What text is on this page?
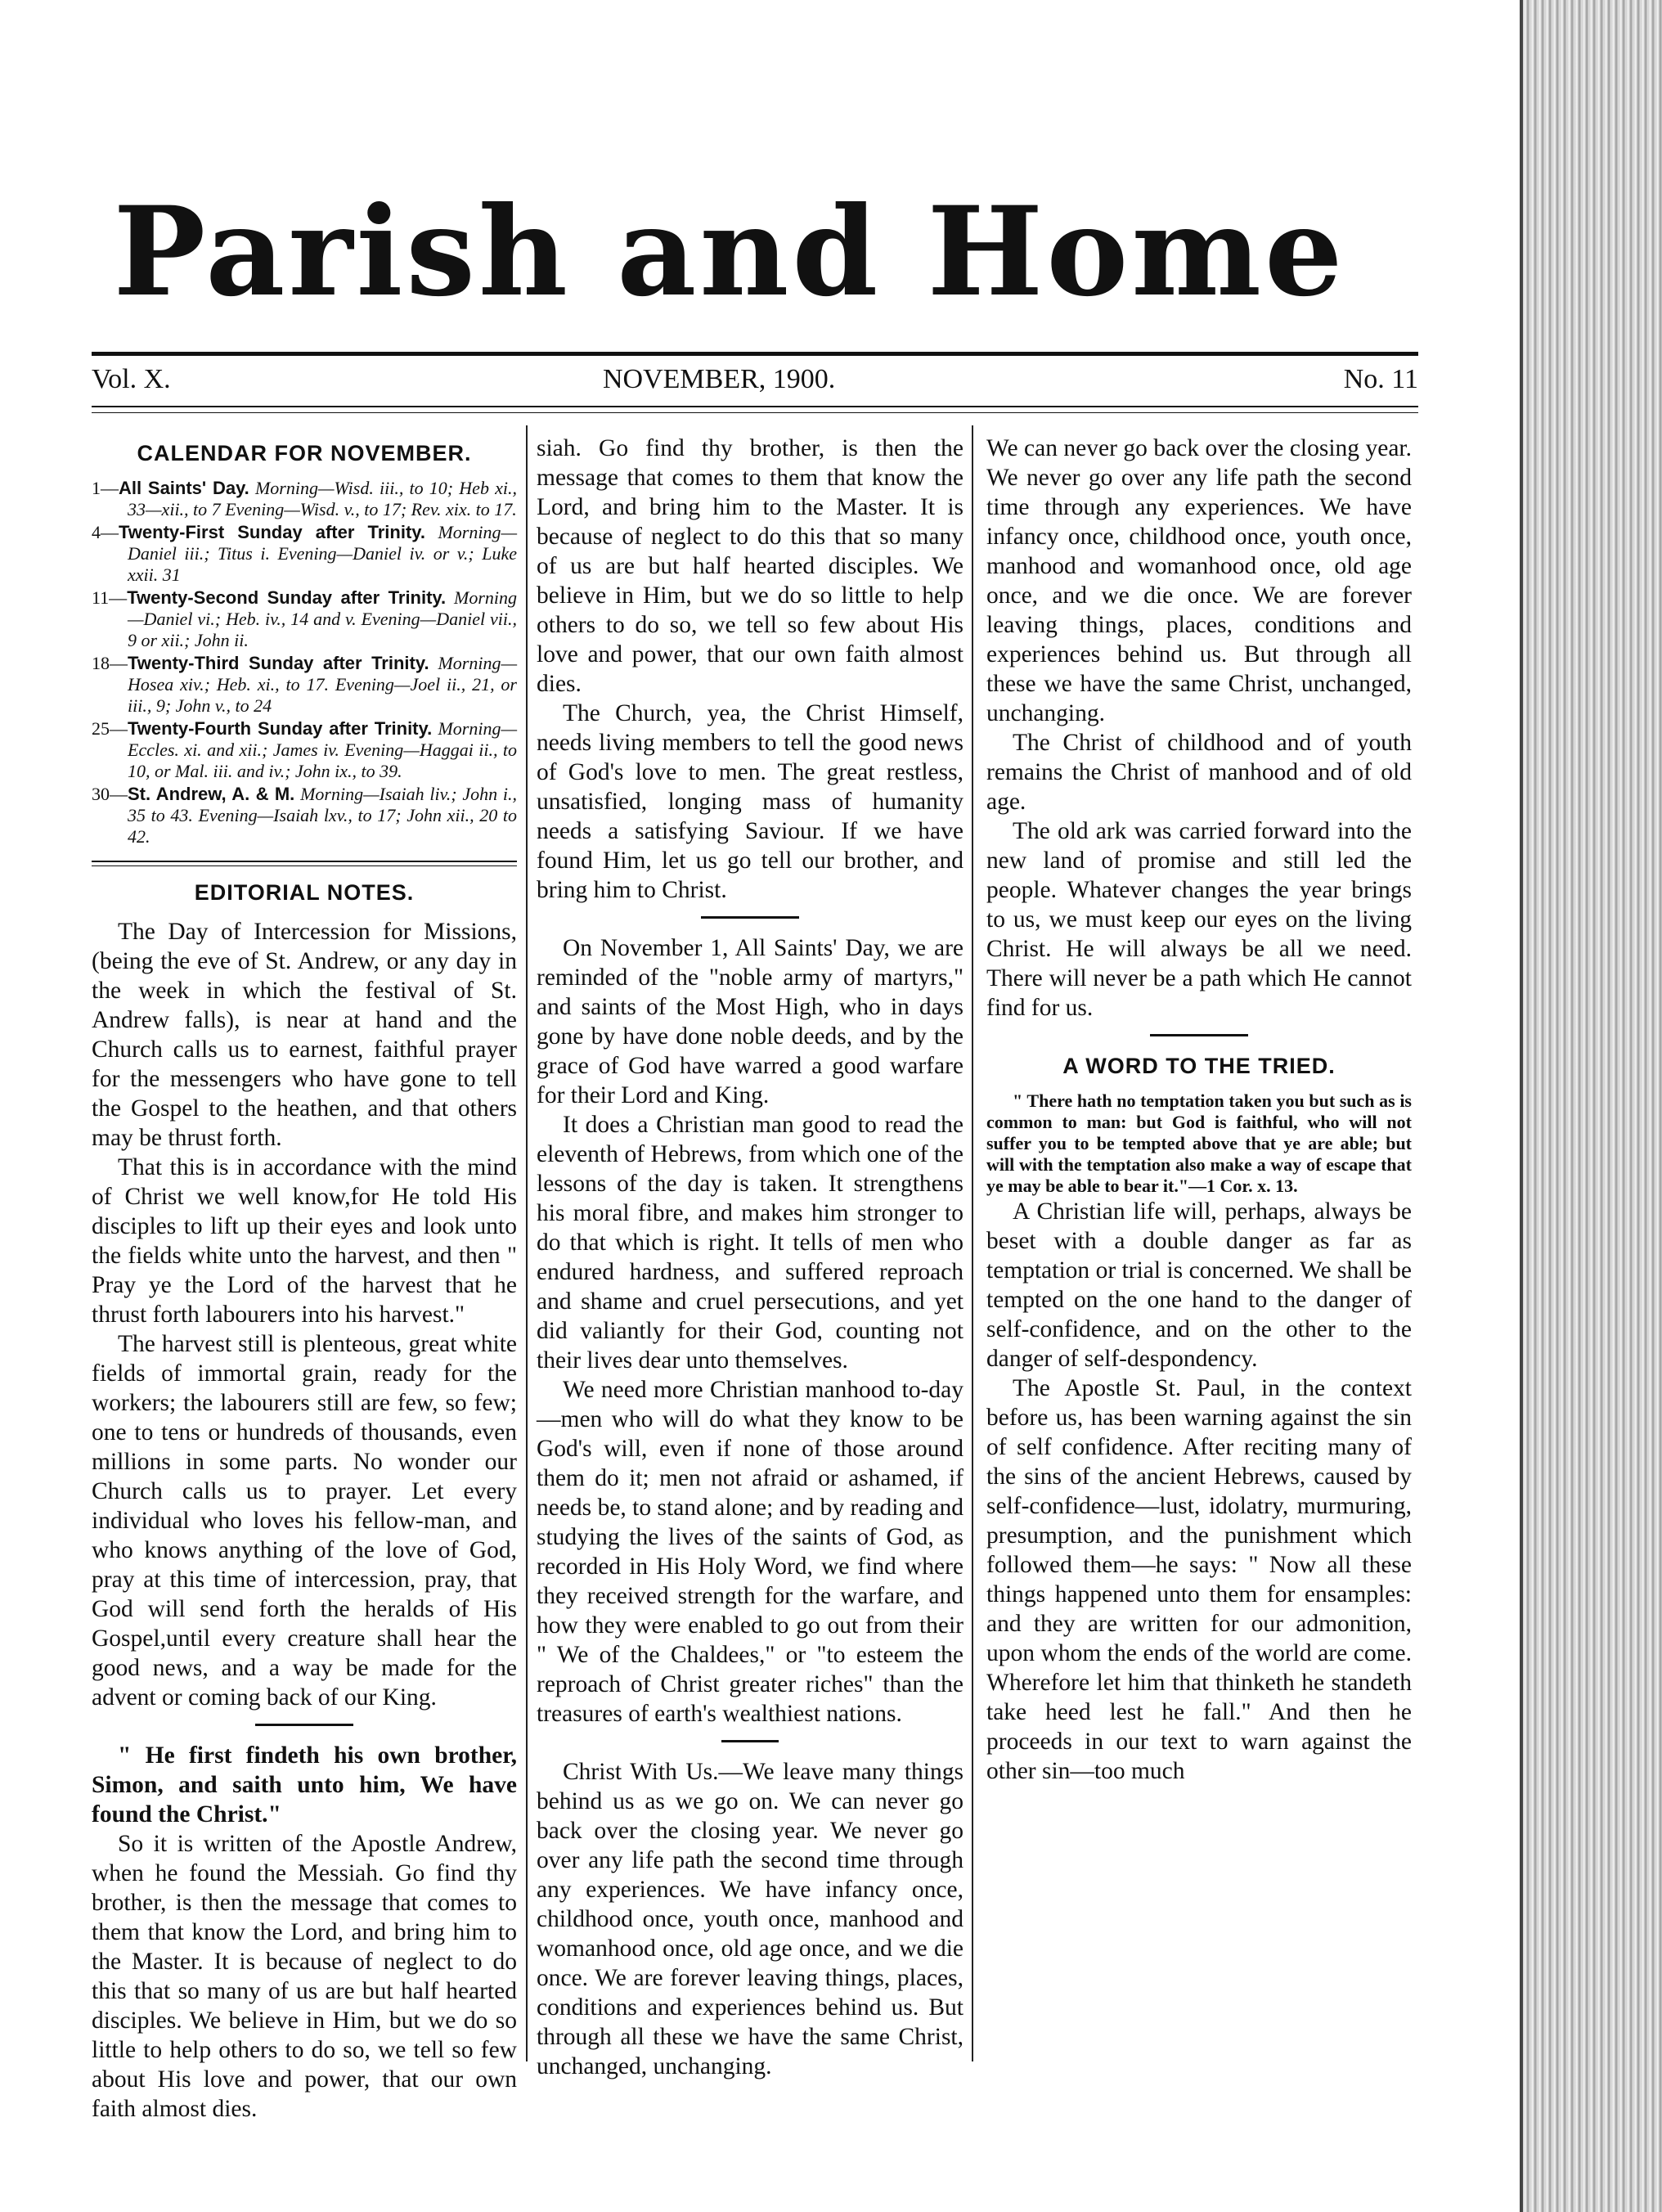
Parish and Home
Vol. X.	NOVEMBER, 1900.	No. 11
CALENDAR FOR NOVEMBER.
1—All Saints' Day. Morning—Wisd. iii., to 10; Heb xi., 33—xii., to 7 Evening—Wisd. v., to 17; Rev. xix. to 17.
4—Twenty-First Sunday after Trinity. Morning—Daniel iii.; Titus i. Evening—Daniel iv. or v.; Luke xxii. 31
11—Twenty-Second Sunday after Trinity. Morning—Daniel vi.; Heb. iv., 14 and v. Evening—Daniel vii., 9 or xii.; John ii.
18—Twenty-Third Sunday after Trinity. Morning—Hosea xiv.; Heb. xi., to 17. Evening—Joel ii., 21, or iii., 9; John v., to 24
25—Twenty-Fourth Sunday after Trinity. Morning—Eccles. xi. and xii.; James iv. Evening—Haggai ii., to 10, or Mal. iii. and iv.; John ix., to 39.
30—St. Andrew, A. & M. Morning—Isaiah liv.; John i., 35 to 43. Evening—Isaiah lxv., to 17; John xii., 20 to 42.
EDITORIAL NOTES.

The Day of Intercession for Missions, (being the eve of St. Andrew, or any day in the week in which the festival of St. Andrew falls), is near at hand and the Church calls us to earnest, faithful prayer for the messengers who have gone to tell the Gospel to the heathen, and that others may be thrust forth.

That this is in accordance with the mind of Christ we well know,for He told His disciples to lift up their eyes and look unto the fields white unto the harvest, and then " Pray ye the Lord of the harvest that he thrust forth labourers into his harvest."

The harvest still is plenteous, great white fields of immortal grain, ready for the workers; the labourers still are few, so few; one to tens or hundreds of thousands, even millions in some parts. No wonder our Church calls us to prayer. Let every individual who loves his fellow-man, and who knows anything of the love of God, pray at this time of intercession, pray, that God will send forth the heralds of His Gospel,until every creature shall hear the good news, and a way be made for the advent or coming back of our King.

" He first findeth his own brother, Simon, and saith unto him, We have found the Christ."

So it is written of the Apostle Andrew, when he found the Messiah. Go find thy brother, is then the message that comes to them that know the Lord, and bring him to the Master. It is because of neglect to do this that so many of us are but half hearted disciples. We believe in Him, but we do so little to help others to do so, we tell so few about His love and power, that our own faith almost dies.

siah. Go find thy brother, is then the message that comes to them that know the Lord, and bring him to the Master. It is because of neglect to do this that so many of us are but half hearted disciples. We believe in Him, but we do so little to help others to do so, we tell so few about His love and power, that our own faith almost dies.

The Church, yea, the Christ Himself, needs living members to tell the good news of God's love to men. The great restless, unsatisfied, longing mass of humanity needs a satisfying Saviour. If we have found Him, let us go tell our brother, and bring him to Christ.

On November 1, All Saints' Day, we are reminded of the "noble army of martyrs," and saints of the Most High, who in days gone by have done noble deeds, and by the grace of God have warred a good warfare for their Lord and King.

It does a Christian man good to read the eleventh of Hebrews, from which one of the lessons of the day is taken. It strengthens his moral fibre, and makes him stronger to do that which is right. It tells of men who endured hardness, and suffered reproach and shame and cruel persecutions, and yet did valiantly for their God, counting not their lives dear unto themselves.

We need more Christian manhood to-day—men who will do what they know to be God's will, even if none of those around them do it; men not afraid or ashamed, if needs be, to stand alone; and by reading and studying the lives of the saints of God, as recorded in His Holy Word, we find where they received strength for the warfare, and how they were enabled to go out from their " We of the Chaldees," or "to esteem the reproach of Christ greater riches" than the treasures of earth's wealthiest nations.

Christ With Us.—We leave many things behind us as we go on. We can never go back over the closing year. We never go over any life path the second time through any experiences. We have infancy once, childhood once, youth once, manhood and womanhood once, old age once, and we die once. We are forever leaving things, places, conditions and experiences behind us. But through all these we have the same Christ, unchanged, unchanging.

We can never go back over the closing year. We never go over any life path the second time through any experiences. We have infancy once, childhood once, youth once, manhood and womanhood once, old age once, and we die once. We are forever leaving things, places, conditions and experiences behind us. But through all these we have the same Christ, unchanged, unchanging.

The Christ of childhood and of youth remains the Christ of manhood and of old age.

The old ark was carried forward into the new land of promise and still led the people. Whatever changes the year brings to us, we must keep our eyes on the living Christ. He will always be all we need. There will never be a path which He cannot find for us.

A WORD TO THE TRIED.

" There hath no temptation taken you but such as is common to man: but God is faithful, who will not suffer you to be tempted above that ye are able; but will with the temptation also make a way of escape that ye may be able to bear it."—1 Cor. x. 13.

A Christian life will, perhaps, always be beset with a double danger as far as temptation or trial is concerned. We shall be tempted on the one hand to the danger of self-confidence, and on the other to the danger of self-despondency.

The Apostle St. Paul, in the context before us, has been warning against the sin of self confidence. After reciting many of the sins of the ancient Hebrews, caused by self-confidence—lust, idolatry, murmuring, presumption, and the punishment which followed them—he says: " Now all these things happened unto them for ensamples: and they are written for our admonition, upon whom the ends of the world are come. Wherefore let him that thinketh he standeth take heed lest he fall." And then he proceeds in our text to warn against the other sin—too much
